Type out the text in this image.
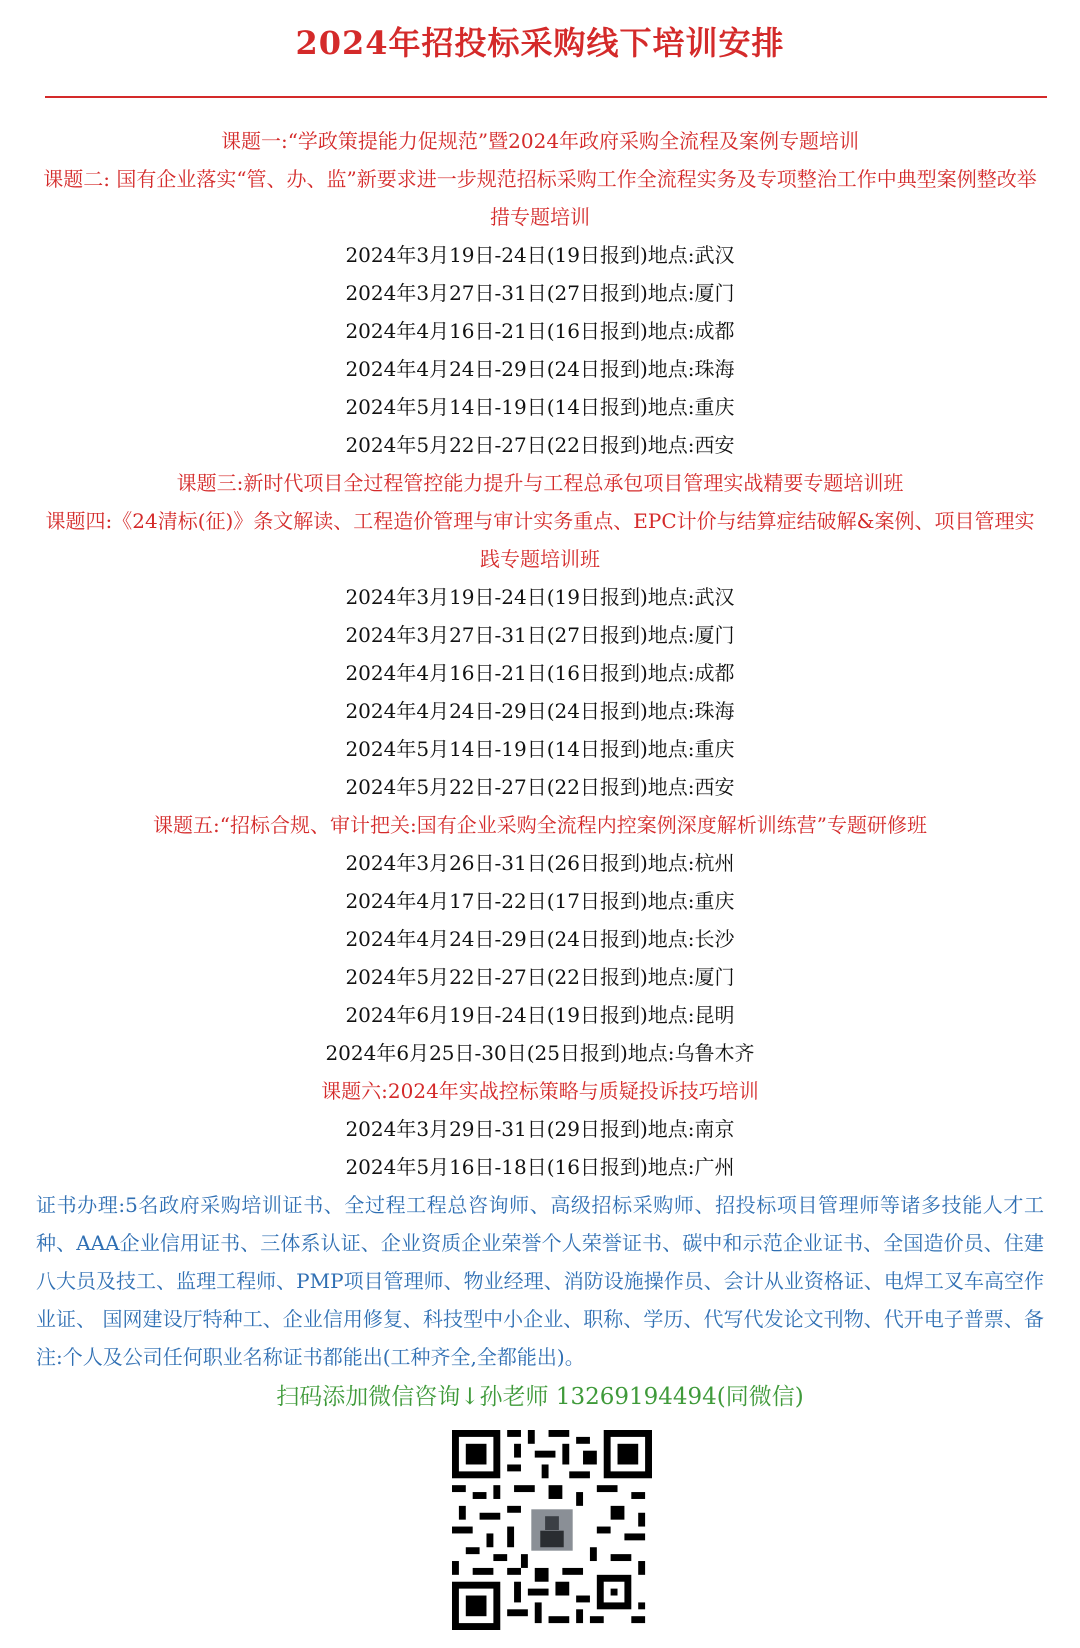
2024年招投标采购线下培训安排
课题一:“学政策提能力促规范”暨2024年政府采购全流程及案例专题培训
课题二: 国有企业落实“管、办、监”新要求进一步规范招标采购工作全流程实务及专项整治工作中典型案例整改举措专题培训
2024年3月19日-24日(19日报到)地点:武汉
2024年3月27日-31日(27日报到)地点:厦门
2024年4月16日-21日(16日报到)地点:成都
2024年4月24日-29日(24日报到)地点:珠海
2024年5月14日-19日(14日报到)地点:重庆
2024年5月22日-27日(22日报到)地点:西安
课题三:新时代项目全过程管控能力提升与工程总承包项目管理实战精要专题培训班
课题四:《24清标(征)》条文解读、工程造价管理与审计实务重点、EPC计价与结算症结破解&案例、项目管理实践专题培训班
2024年3月19日-24日(19日报到)地点:武汉
2024年3月27日-31日(27日报到)地点:厦门
2024年4月16日-21日(16日报到)地点:成都
2024年4月24日-29日(24日报到)地点:珠海
2024年5月14日-19日(14日报到)地点:重庆
2024年5月22日-27日(22日报到)地点:西安
课题五:“招标合规、审计把关:国有企业采购全流程内控案例深度解析训练营”专题研修班
2024年3月26日-31日(26日报到)地点:杭州
2024年4月17日-22日(17日报到)地点:重庆
2024年4月24日-29日(24日报到)地点:长沙
2024年5月22日-27日(22日报到)地点:厦门
2024年6月19日-24日(19日报到)地点:昆明
2024年6月25日-30日(25日报到)地点:乌鲁木齐
课题六:2024年实战控标策略与质疑投诉技巧培训
2024年3月29日-31日(29日报到)地点:南京
2024年5月16日-18日(16日报到)地点:广州
证书办理:5名政府采购培训证书、全过程工程总咨询师、高级招标采购师、招投标项目管理师等诸多技能人才工种、AAA企业信用证书、三体系认证、企业资质企业荣誉个人荣誉证书、碳中和示范企业证书、全国造价员、住建八大员及技工、监理工程师、PMP项目管理师、物业经理、消防设施操作员、会计从业资格证、电焊工叉车高空作业证、 国网建设厅特种工、企业信用修复、科技型中小企业、职称、学历、代写代发论文刊物、代开电子普票、备注:个人及公司任何职业名称证书都能出(工种齐全,全都能出)。
扫码添加微信咨询↓孙老师 13269194494(同微信)
